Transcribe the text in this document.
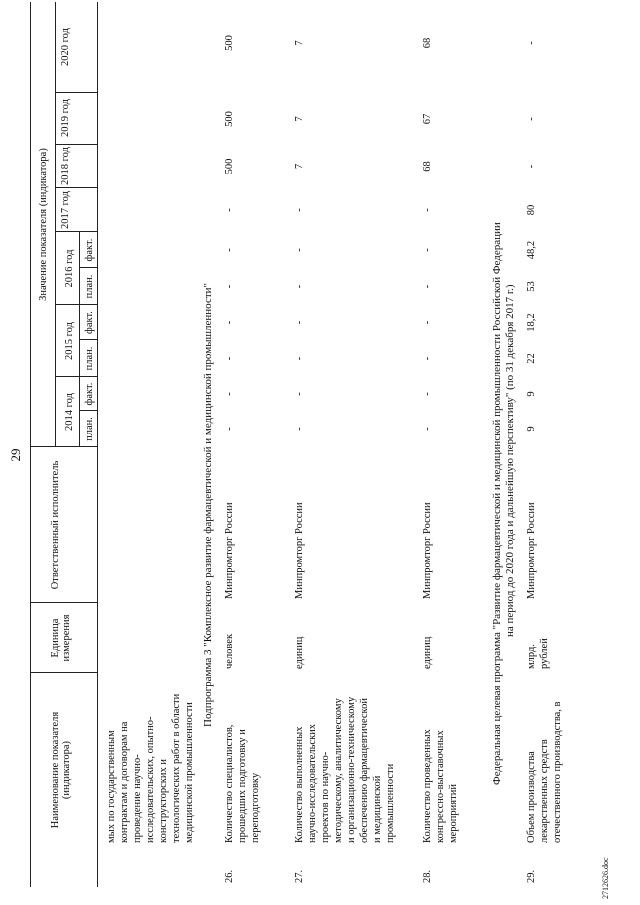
29
2712626.doc
Наименование показателя (индикатора)
Единица измерения
Ответственный исполнитель
Значение показателя (индикатора)
2014 год
2015 год
2016 год
2017 год
2018 год
2019 год
2020 год
план.
факт.
план.
факт.
план.
факт.
мых по государственным контрактам и договорам на проведение научно- исследовательских, опытно- конструкторских и технологических работ в области медицинской промышленности
Подпрограмма 3 "Комплексное развитие фармацевтической и медицинской промышленности"
26.
Количество специалистов, прошедших подготовку и переподготовку
человек
Минпромторг России
-
-
-
-
-
-
-
500
500
500
27.
Количество выполненных научно-исследовательских проектов по научно- методическому, аналитическому и организационно-техническому обеспечению фармацевтической и медицинской промышленности
единиц
Минпромторг России
-
-
-
-
-
-
-
7
7
7
28.
Количество проведенных конгрессно-выставочных мероприятий
единиц
Минпромторг России
-
-
-
-
-
-
-
68
67
68
Федеральная целевая программа "Развитие фармацевтической и медицинской промышленности Российской Федерации на период до 2020 года и дальнейшую перспективу" (по 31 декабря 2017 г.)
29.
Объем производства лекарственных средств отечественного производства, в
млрд. рублей
Минпромторг России
9
9
22
18,2
53
48,2
80
-
-
-
